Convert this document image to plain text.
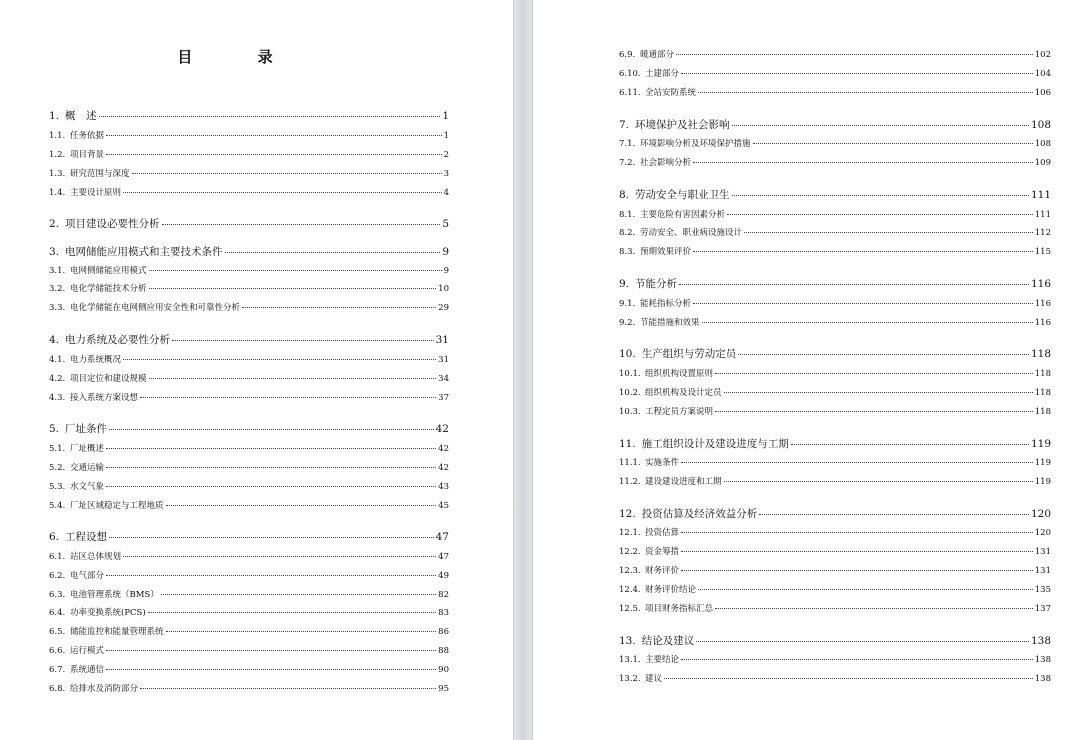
目 录
1. 概　述	1
1.1. 任务依据	1
1.2. 项目背景	2
1.3. 研究范围与深度	3
1.4. 主要设计原则	4
2. 项目建设必要性分析	5
3. 电网储能应用模式和主要技术条件	9
3.1. 电网侧储能应用模式	9
3.2. 电化学储能技术分析	10
3.3. 电化学储能在电网侧应用安全性和可靠性分析	29
4. 电力系统及必要性分析	31
4.1. 电力系统概况	31
4.2. 项目定位和建设规模	34
4.3. 接入系统方案设想	37
5. 厂址条件	42
5.1. 厂址概述	42
5.2. 交通运输	42
5.3. 水文气象	43
5.4. 厂址区域稳定与工程地质	45
6. 工程设想	47
6.1. 站区总体规划	47
6.2. 电气部分	49
6.3. 电池管理系统（BMS）	82
6.4. 功率变换系统(PCS)	83
6.5. 储能监控和能量管理系统	86
6.6. 运行模式	88
6.7. 系统通信	90
6.8. 给排水及消防部分	95
6.9. 暖通部分	102
6.10. 土建部分	104
6.11. 全站安防系统	106
7. 环境保护及社会影响	108
7.1. 环境影响分析及环境保护措施	108
7.2. 社会影响分析	109
8. 劳动安全与职业卫生	111
8.1. 主要危险有害因素分析	111
8.2. 劳动安全、职业病设施设计	112
8.3. 预期效果评价	115
9. 节能分析	116
9.1. 能耗指标分析	116
9.2. 节能措施和效果	116
10. 生产组织与劳动定员	118
10.1. 组织机构设置原则	118
10.2. 组织机构及设计定员	118
10.3. 工程定员方案说明	118
11. 施工组织设计及建设进度与工期	119
11.1. 实施条件	119
11.2. 建设建设进度和工期	119
12. 投资估算及经济效益分析	120
12.1. 投资估算	120
12.2. 资金筹措	131
12.3. 财务评价	131
12.4. 财务评价结论	135
12.5. 项目财务指标汇总	137
13. 结论及建议	138
13.1. 主要结论	138
13.2. 建议	138
